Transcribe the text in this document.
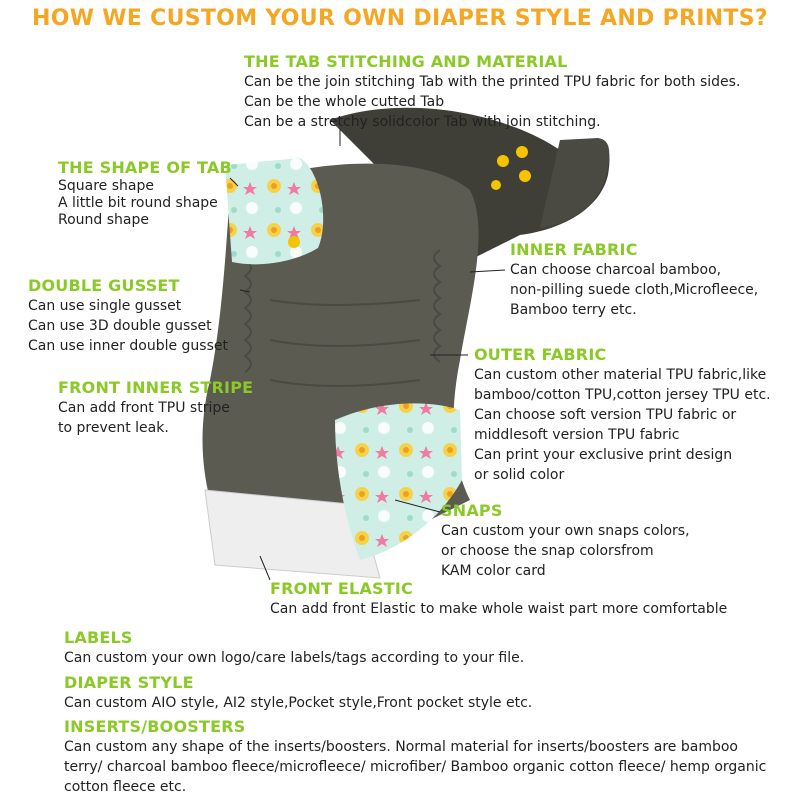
HOW WE CUSTOM YOUR OWN DIAPER STYLE AND PRINTS?
THE TAB STITCHING AND MATERIAL
Can be the join stitching Tab with the printed TPU fabric for both sides.
Can be the whole cutted Tab
Can be a stretchy solidcolor Tab with join stitching.
THE SHAPE OF TAB
Square shape
A little bit round shape
Round shape
DOUBLE GUSSET
Can use single gusset
Can use 3D double gusset
Can use inner double gusset
FRONT INNER STRIPE
Can add front TPU stripe
to prevent leak.
INNER FABRIC
Can choose charcoal bamboo,
non-pilling suede cloth,Microfleece,
Bamboo terry etc.
OUTER FABRIC
Can custom other material TPU fabric,like
bamboo/cotton TPU,cotton jersey TPU etc.
Can choose soft version TPU fabric or
middlesoft version TPU fabric
Can print your exclusive print design
or solid color
SNAPS
Can custom your own snaps colors,
or choose the snap colorsfrom
KAM color card
FRONT ELASTIC
Can add front Elastic to make whole waist part more comfortable
LABELS
Can custom your own logo/care labels/tags according to your file.
DIAPER STYLE
Can custom AIO style, AI2 style,Pocket style,Front pocket style etc.
INSERTS/BOOSTERS
Can custom any shape of the inserts/boosters. Normal material for inserts/boosters are bamboo terry/ charcoal bamboo fleece/microfleece/ microfiber/ Bamboo organic cotton fleece/ hemp organic cotton fleece etc.
